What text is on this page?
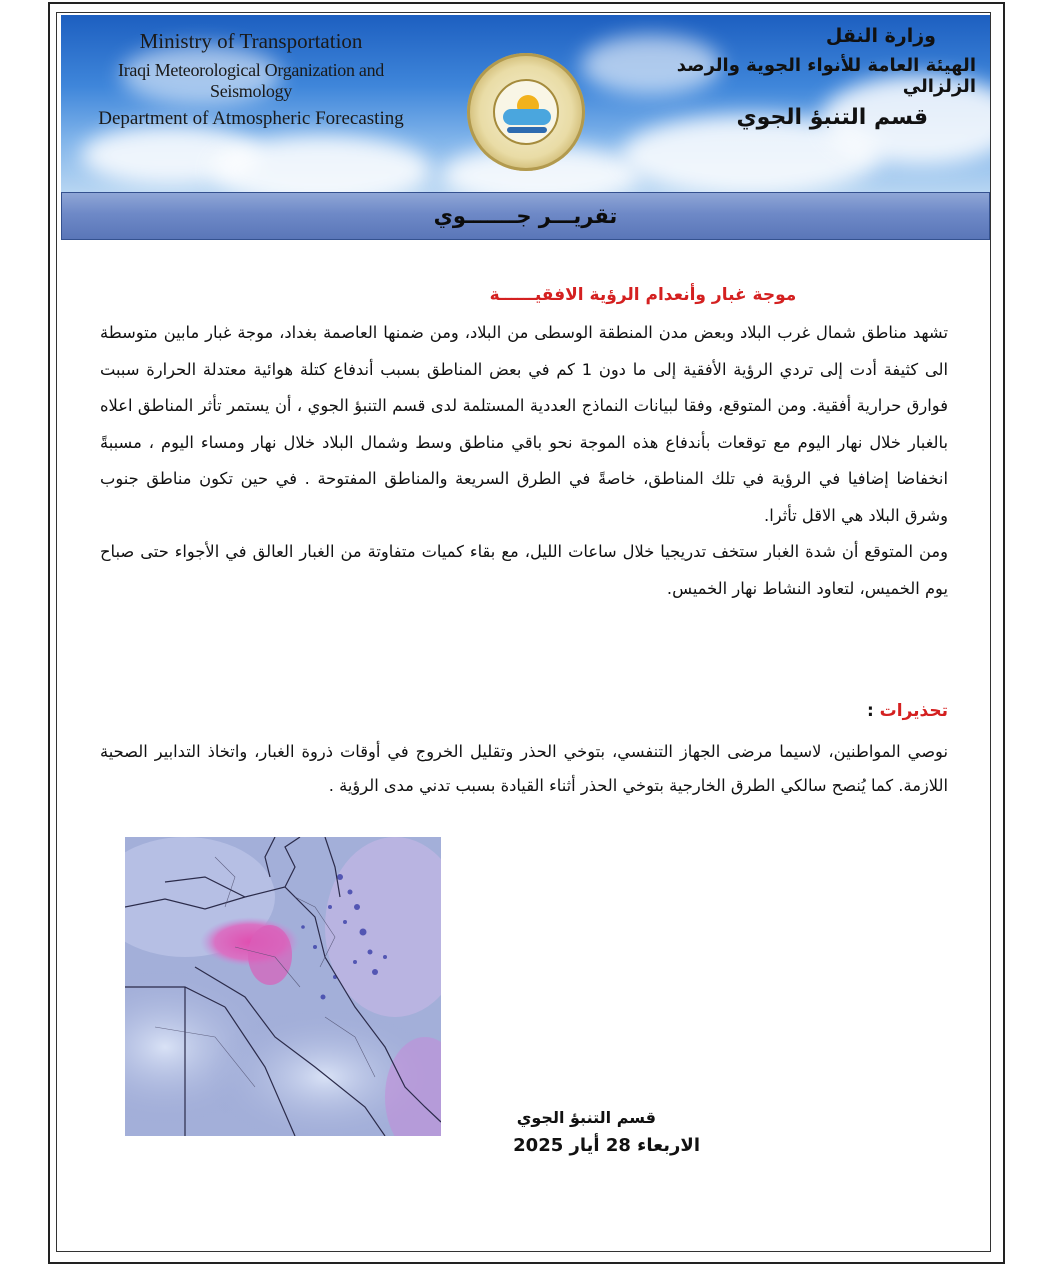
Ministry of Transportation
Iraqi Meteorological Organization and Seismology
Department of Atmospheric Forecasting
وزارة النقل
الهيئة العامة للأنواء الجوية والرصد الزلزالي
قسم التنبؤ الجوي
تقريـــر جـــــــوي
موجة غبار وأنعدام الرؤية الافقيــــــة
تشهد مناطق شمال غرب البلاد وبعض مدن المنطقة الوسطى من البلاد، ومن ضمنها العاصمة بغداد، موجة غبار مابين متوسطة الى كثيفة أدت إلى تردي الرؤية الأفقية إلى ما دون 1 كم في بعض المناطق بسبب أندفاع كتلة هوائية معتدلة الحرارة سببت فوارق حرارية أفقية. ومن المتوقع، وفقا لبيانات النماذج العددية المستلمة لدى قسم التنبؤ الجوي ، أن يستمر تأثر المناطق اعلاه بالغبار خلال نهار اليوم مع توقعات بأندفاع هذه الموجة نحو باقي مناطق وسط وشمال البلاد خلال نهار ومساء اليوم ، مسببةً انخفاضا إضافيا في الرؤية في تلك المناطق، خاصةً في الطرق السريعة والمناطق المفتوحة . في حين تكون مناطق جنوب وشرق البلاد هي الاقل تأثرا.
ومن المتوقع أن شدة الغبار ستخف تدريجيا خلال ساعات الليل، مع بقاء كميات متفاوتة من الغبار العالق في الأجواء حتى صباح يوم الخميس، لتعاود النشاط نهار الخميس.
تحذيرات :
نوصي المواطنين، لاسيما مرضى الجهاز التنفسي، بتوخي الحذر وتقليل الخروج في أوقات ذروة الغبار، واتخاذ التدابير الصحية اللازمة. كما يُنصح سالكي الطرق الخارجية بتوخي الحذر أثناء القيادة بسبب تدني مدى الرؤية .
قسم التنبؤ الجوي
الاربعاء 28 أيار 2025
